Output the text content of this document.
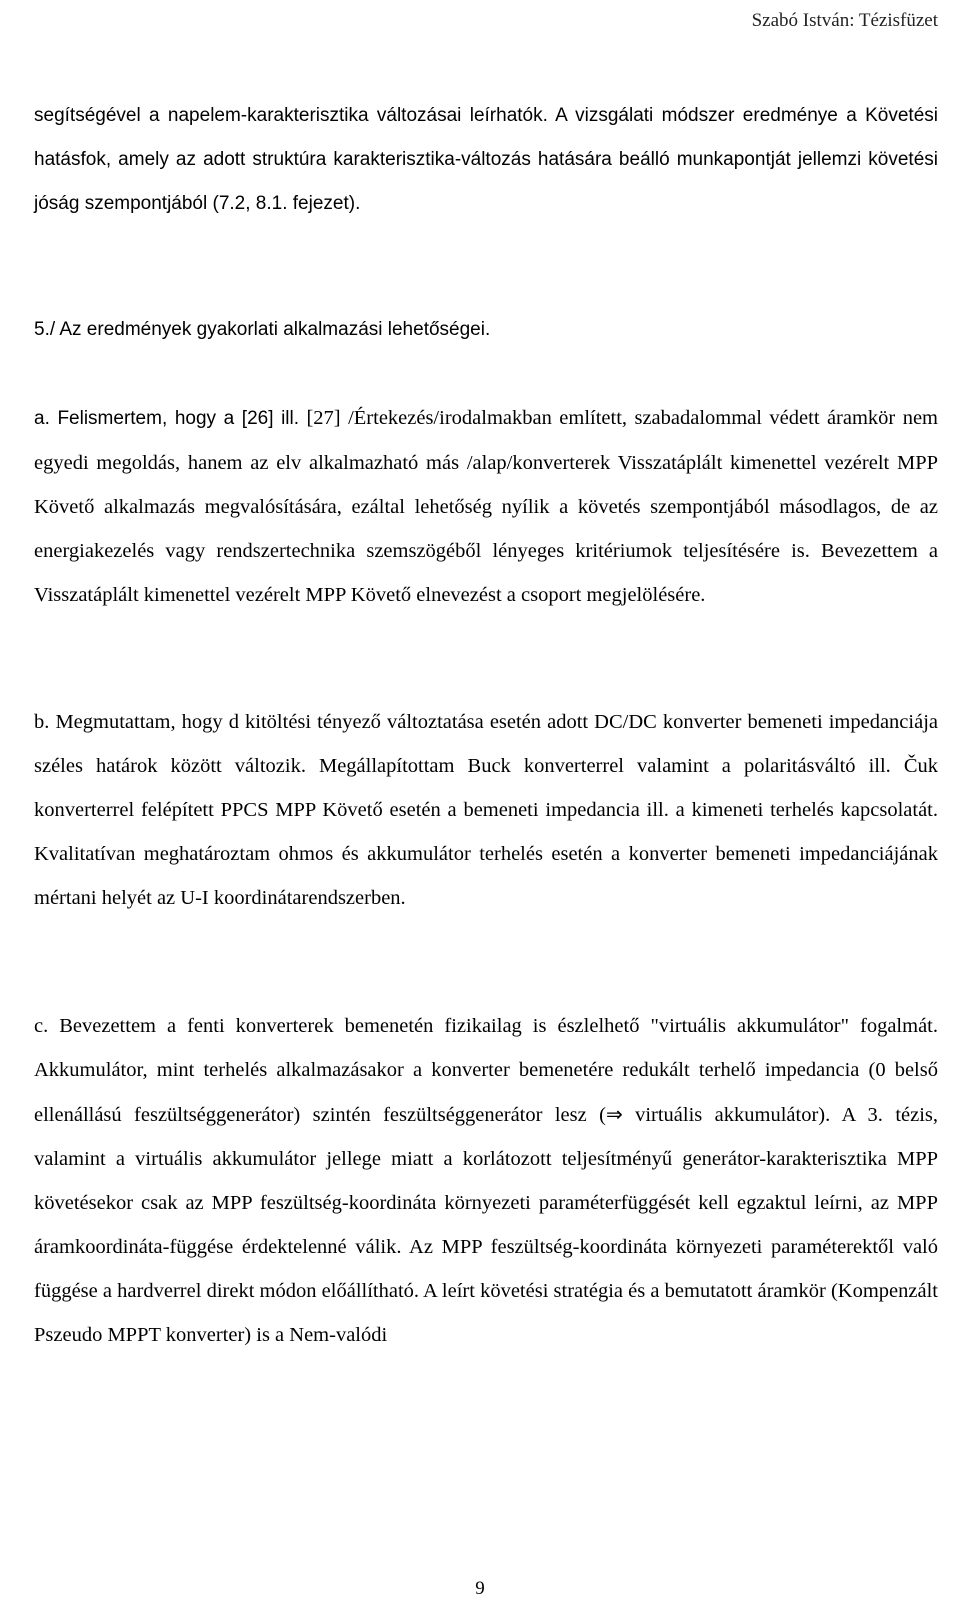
Szabó István: Tézisfüzet

segítségével a napelem-karakterisztika változásai leírhatók. A vizsgálati módszer eredménye a Követési hatásfok, amely az adott struktúra karakterisztika-változás hatására beálló munkapontját jellemzi követési jóság szempontjából (7.2, 8.1. fejezet).

5./ Az eredmények gyakorlati alkalmazási lehetőségei.

a. Felismertem, hogy a [26] ill. [27] /Értekezés/irodalmakban említett, szabadalommal védett áramkör nem egyedi megoldás, hanem az elv alkalmazható más /alap/konverterek Visszatáplált kimenettel vezérelt MPP Követő alkalmazás megvalósítására, ezáltal lehetőség nyílik a követés szempontjából másodlagos, de az energiakezelés vagy rendszertechnika szemszögéből lényeges kritériumok teljesítésére is. Bevezettem a Visszatáplált kimenettel vezérelt MPP Követő elnevezést a csoport megjelölésére.

b. Megmutattam, hogy d kitöltési tényező változtatása esetén adott DC/DC konverter bemeneti impedanciája széles határok között változik. Megállapítottam Buck konverterrel valamint a polaritásváltó ill. Čuk konverterrel felépített PPCS MPP Követő esetén a bemeneti impedancia ill. a kimeneti terhelés kapcsolatát. Kvalitatívan meghatároztam ohmos és akkumulátor terhelés esetén a konverter bemeneti impedanciájának mértani helyét az U-I koordinátarendszerben.

c. Bevezettem a fenti konverterek bemenetén fizikailag is észlelhető "virtuális akkumulátor" fogalmát. Akkumulátor, mint terhelés alkalmazásakor a konverter bemenetére redukált terhelő impedancia (0 belső ellenállású feszültséggenerátor) szintén feszültséggenerátor lesz (⇒ virtuális akkumulátor). A 3. tézis, valamint a virtuális akkumulátor jellege miatt a korlátozott teljesítményű generátor-karakterisztika MPP követésekor csak az MPP feszültség-koordináta környezeti paraméterfüggését kell egzaktul leírni, az MPP áramkoordináta-függése érdektelenné válik. Az MPP feszültség-koordináta környezeti paraméterektől való függése a hardverrel direkt módon előállítható. A leírt követési stratégia és a bemutatott áramkör (Kompenzált Pszeudo MPPT konverter) is a Nem-valódi

9
